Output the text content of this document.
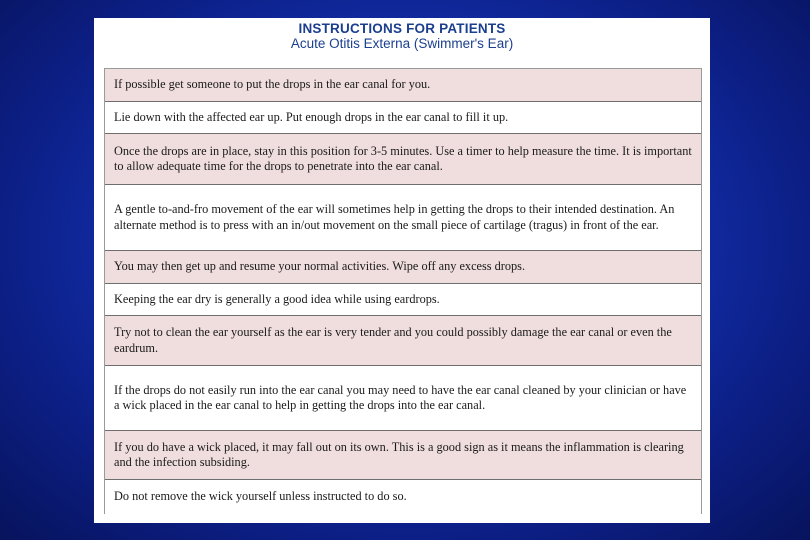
INSTRUCTIONS FOR PATIENTS
Acute Otitis Externa (Swimmer's Ear)
If possible get someone to put the drops in the ear canal for you.
Lie down with the affected ear up. Put enough drops in the ear canal to fill it up.
Once the drops are in place, stay in this position for 3-5 minutes. Use a timer to help measure the time. It is important to allow adequate time for the drops to penetrate into the ear canal.
A gentle to-and-fro movement of the ear will sometimes help in getting the drops to their intended destination. An alternate method is to press with an in/out movement on the small piece of cartilage (tragus) in front of the ear.
You may then get up and resume your normal activities. Wipe off any excess drops.
Keeping the ear dry is generally a good idea while using eardrops.
Try not to clean the ear yourself as the ear is very tender and you could possibly damage the ear canal or even the eardrum.
If the drops do not easily run into the ear canal you may need to have the ear canal cleaned by your clinician or have a wick placed in the ear canal to help in getting the drops into the ear canal.
If you do have a wick placed, it may fall out on its own. This is a good sign as it means the inflammation is clearing and the infection subsiding.
Do not remove the wick yourself unless instructed to do so.
